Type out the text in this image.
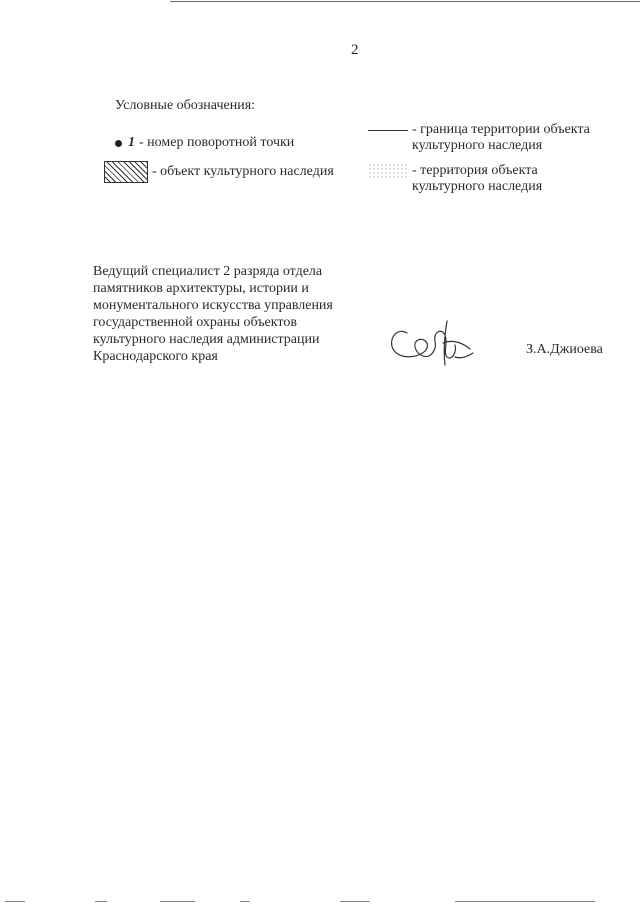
2
Условные обозначения:
1 - номер поворотной точки
- объект культурного наследия
- граница территории объекта
культурного наследия
- территория объекта
культурного наследия
Ведущий специалист 2 разряда отдела
памятников архитектуры, истории и
монументального искусства управления
государственной охраны объектов
культурного наследия администрации
Краснодарского края	З.А.Джиоева
